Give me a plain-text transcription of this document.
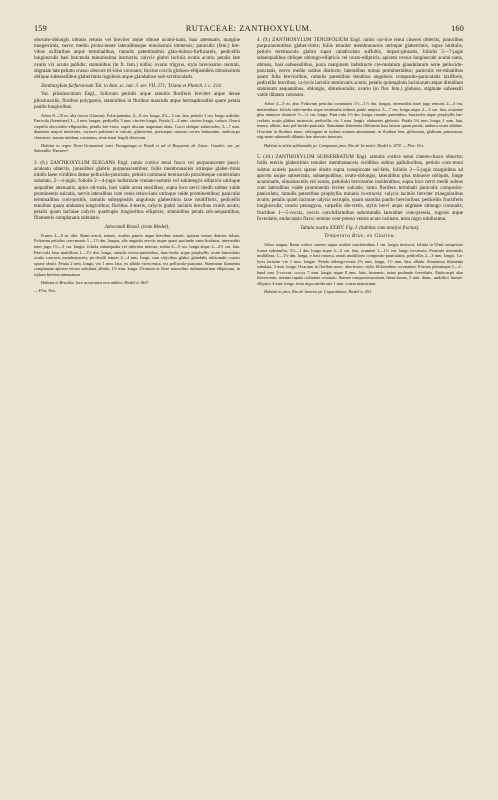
159	RUTACEAE: ZANTHOXYLUM.	160

obovato-oblongis obtusis retusis vel breviter atque obtuse acumi-natis, basi attenuatis, margine integerrimis, nervo medio promi-nente lateralibusque tenuissimis immersis; paniculis (fem.) bre-vibus axillaribus atque terminalibus, ramulis patentissimis glan-duloso-furfuraceis, pedicellis longiusculis basi bracteola minutissima instructis; calycis globri laciniis ovatis acutis; petalis late ovatis vix acutis pallidis; staminibus (in fl. fem.) nullis; ovario trigyno, stylo brevissimo centrali, stigmate late peltato crasso obscure tri-lobo coronato; fructus coccis globoso-ellipsoideis obtusissimis oblique subsessilibus glaberrimis rugulosis atque glanduloso-sub-scrobiculatis.

Zanthoxylum furfuraceum Tul. in Ann. sc. nat. 3. ser. VII. 271; Triana et Planch. l. c. 314.

Var. pilosiusculum Engl., foliorum petiolis atque ramulis floriferis breviter atque dense pilosiusculis, floribus polygamis, staminibus in floribus masculis atque hermaphroditis quam petala paullo longioribus.

Arbor 8—10 m. alta (secus Glaziou). Folia patentia, 4—8 cm. longa, 2½—3 cm. lata, petiolo 1 cm. longo suffulta. Panicula (foeminea) 3—4 mm. longae, pedicellis 3 mm. circiter longis. Petala 3—4 mm. circiter longa, cadaca. Ovarii carpella obovoideo-ellipsoidea, petalis bre-viora, super discum angustum alata. Cocci oblique subsessiles, 5—7 mm. diametro majori metientes, coriacei pulvinati et sulcati, glaberrimi, pericarpio carnoso cortex balsamino, endocarpo chartaceo; semen nitidum, rostratum, testa tenui fragili obtectum.

Habitat in regno Novo-Granatensi inter Fusagasuga et Pandi et ad el Boqueron de Josea: Goudot; var. pr. Sabanilla: Karsten!

3. (8.) ZANTHOXYLUM ELEGANS Engl. ramis cortice tenui fusco vel purpurascente pauci-aculeato obtectis, junioribus glabris purpurascentibus; foliis membranaceis utrinque glaber-rimis nitidis laete viridibus dense pellucido-punctatis, petiolo communi tereiusculo proximeque conniculato subalato, 2—4-jugis; foliolis 2—4-jugis indistincte crenato-serratis vel subintegris ellipticis utrinque aequaliter attenuatis, apice ob-tusis, basi valde acuta sessilibus, supra loco nervi medii subtus valde prominentis sulcatis, nervis lateralibus cum venis reticu-latis utrinque valde prominentibus; paniculis terminalibus com-positis, ramulis suboppositis angulosis glaberrimis laxe multifloris, pedicellis tenuibus quam alabastra longioribus; floribus 4-meris, calycis glabri laciniis brevibus ovatis acutis; petalis quam laciniae calycis quadruplo longioribus ellipticis; staminibus petala sub-aequantibus, filamentis complanatis subulatis.

Jaborandi Brasil. (teste Riedel).

Frutex 2—8 m. alta. Rami erecti, tenues, aculeis paucis atque brevibus armati, apicem versus densius foliati. Foliorum petiolus com-munis 1—1½ dm. longus, alis angustis erectis usque quasi profunde cana-liculatus, internodiis inter juga 1½—2 cm. longis; foliola subaequalia vel inferiora minora, solata 4—5 cm. longa atque 2—2½ cm. lata. Pani-cula laxa multiflora 1—1½ dm. longa, ramulis erecto-patentibus, brac-teolis atque prophyllis ovato-lanceolatis acutis concavis membranaceis; pe-dicelli tenues 2—4 mm. longi, cum calycibus glabri, glandulis rubicundis crassis sparse obsiti. Petala 2 mm. longa, vix 1 mm. lata, ex albido virescentia, vix pellucido-punctata. Staminum filamenta complanata apicem versus subulata, albida, 1½ mm. longa. Ovarium in flore masculino rudimentarium ellipticum, in stylum brevem attenuatum.

Habitat in Brasilia, loco accuratius non addito: Riedel n. 661!

— Flor. Nov.

4. (9.) ZANTHOXYLUM TENUIFOLIUM Engl. ramis cor-tice tenui cinereo obtectis, junioribus purpurascentibus glaber-rimis; foliis tenuiter membranaceis utrinque glaberrimis, supra nitidulis, petiolo teretiusculo glabro supra canaliculato suffultis, impari-pinnatis, foliolis 5—7-jugis subaequalibus oblique oblongo-ellipticis vel ovato-ellipticis, apicem versus longiuscule acumi-natis, obtusis, basi subsessilibus, juxta marginem indistincte cre-mulatum glandularum serie pellucido-punctatis, nervo medio subtus distincte, lateralibus minus prominentibus; paniculis ter-minalibus quam folia brevioribus, ramulis patentibus tenuibus angulosis composito-paniculatis laxifloris, pedicellis brevibus; ca-lycis laciniis semiovatis acutis; petalis quintuplum laciniarum atque dimidiam staminum aequantibus, oblongis, obtusiusculis; ovario (in flor. fem.) globoso, stigmate subsessili valde dilatato coronato.

Arbor 3—5 m. alta. Foliorum petiolus communis 1½—1½ dm. longus, internodiis inter juga remotis 2—3 cm. metientibus; foliola inter-media atque terminalia infimis paulo majora, 5—7 cm. longa atque 2—3 cm. lata, acumine plus minusve distincte ½—⅓ cm. longo. Pani-cula 1½ dm. longa, ramulis patentibus, bracteolis atque prophyllis lan-ceolatis acutis glabris instructis, pedicellis vix 1 mm. longis, alabastris globosis. Petala 1¾ mm. longa, 1 mm. lata, tenera, albida, basi pel-lucido-punctata. Staminum filamenta filiformia basi latiora quam petala, anthera ovata albidae. Ovarium in floribus masc. oblongum in stylum acutum attenuatum, in floribus fem. globosum, glabrum, pruinosum, stig-mate subsessili dilatato late obovato truncato.

Habitat in silvis subhumidis pr. Campinam prov. Rio de Ja-neiro: Riedel n. 673! — Flor. Oct.

5. (10.) ZANTHOXYLUM SUBSERRATUM Engl. ramulis cortice tenui cinereo-fusco obtectis; foliis erectis glaberrimis tenuiter membranaceis viridibus subtus pallidioribus, petiolo com-muni subtus aculeis paucis sparse obsito supra conspicuate sul-fatis, foliolis 3—5-jugis marginibus ad apicem usque subserratis, subaequalibus, ovato-oblongis, lateralibus plus minusve obliquis, longe acuminatis, obtusiusculis vel acutis, petiolulo brevissimo insidentibus, supra loco nervi medii subtus cum lateralibus valde prominentis leviter sulcatis; ramo florifero terminali paniculis composito-paniculato, ramulis patentibus prophyllis minutis in-structis; calycis laciniis breviter triangularibus acutis; petalis quam laciniae calycis sextuplo, quam stamina paullo brevioribus; pedicellis fructiferis longiusculis; ovario pentagyno, carpellis dis-cretis, stylis brevi atque stigmate oblongo coronatis; fructibus 1—5-coccis, coccis conchiformibus subrotundis lateraliter com-pressis, rugosis atque foveolatis, endocarpio flavo; semine com-presso ventre acute carinato, testa nigra nitidissima.

Tabula nostra XXXIV. Fig. I. (habitus cum analysi fructus).

Tempetara Bras. ex Glaziou.

Arbor magna. Rami cortice cinereo atque aculeis conifarmibus 1 cm. longis instructi; folinla in Ulmi campestris forma subsimilia, 3½—1 dm. longa atque 4—5 cm. lata, acumine 1—1½ cm. longo in-structa. Panicula terminalis multiflora, 1—1½ dm. longa, e basi ramosa, ramis multifloris composito-paniculatis, pedicellis 2—3 mm. longis. Ca-lycis laciniae vix 1 mm. longae. Petala oblongo-ovata 2½ mm. longa, 1½ mm. lata, albida. Staminum filamenta subulata, 3 mm. longa. Ovarium in floribus masc. abortivum, stylis filiformibus coronatum. Fructus plerumque 1—2-, haud raro 3-coccus, coccis 7 mm. longis atque 8 mm. latis, brunneis, extus profunde foveolatis. Endocarpii alae flavescente, semine rapula coloratae coronato. Semen compressiusculum, hemi-forme, 5 mm. diam., umbilico lineari-elliptico 4 mm. longo, testa nigra nitida atra 1 mm. crassa instructum.

Habitat in prov. Rio de Janeiro pr. Copacabana: Riedel n. 451.
